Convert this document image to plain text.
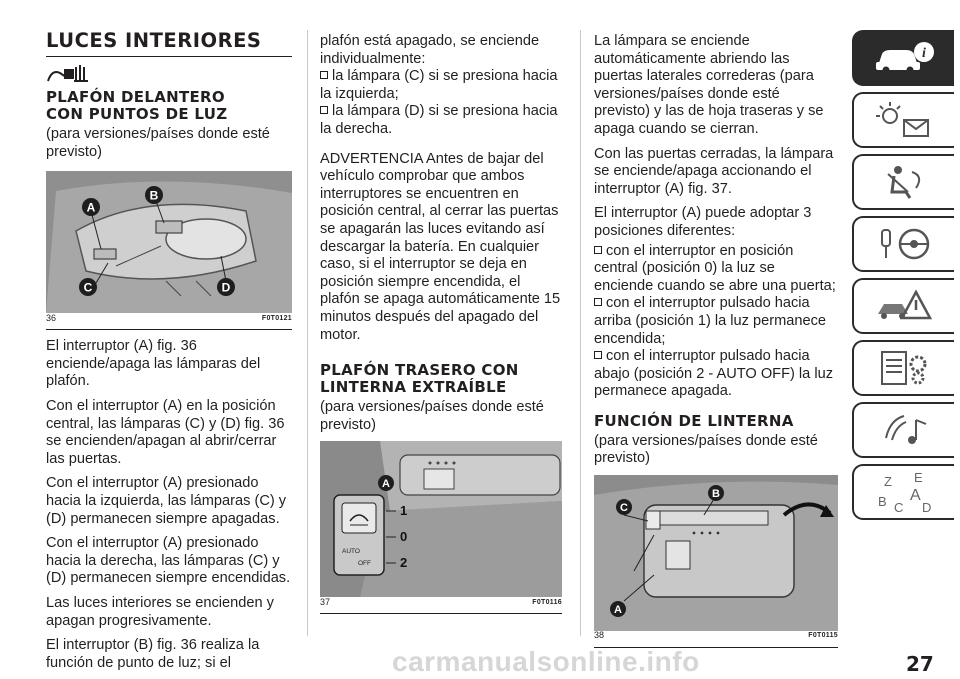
LUCES INTERIORES
PLAFÓN DELANTERO
CON PUNTOS DE LUZ

(para versiones/países donde esté previsto)

A
B
C	D
36	F0T0121

El interruptor (A) fig. 36 enciende/apaga las lámparas del plafón.

Con el interruptor (A) en la posición central, las lámparas (C) y (D) fig. 36 se encienden/apagan al abrir/cerrar las puertas.

Con el interruptor (A) presionado hacia la izquierda, las lámparas (C) y (D) permanecen siempre apagadas.

Con el interruptor (A) presionado hacia la derecha, las lámparas (C) y (D) permanecen siempre encendidas.

Las luces interiores se encienden y apagan progresivamente.

El interruptor (B) fig. 36 realiza la función de punto de luz; si el

plafón está apagado, se enciende individualmente:

la lámpara (C) si se presiona hacia la izquierda;
la lámpara (D) si se presiona hacia la derecha.

ADVERTENCIA Antes de bajar del vehículo comprobar que ambos interruptores se encuentren en posición central, al cerrar las puertas se apagarán las luces evitando así descargar la batería. En cualquier caso, si el interruptor se deja en posición siempre encendida, el plafón se apaga automáticamente 15 minutos después del apagado del motor.

PLAFÓN TRASERO CON
LINTERNA EXTRAÍBLE

(para versiones/países donde esté previsto)

AUTO
OFF
A
1
0
2
37	F0T0116

La lámpara se enciende automáticamente abriendo las puertas laterales correderas (para versiones/países donde esté previsto) y las de hoja traseras y se apaga cuando se cierran.

Con las puertas cerradas, la lámpara se enciende/apaga accionando el interruptor (A) fig. 37.

El interruptor (A) puede adoptar 3 posiciones diferentes:

con el interruptor en posición central (posición 0) la luz se enciende cuando se abre una puerta;
con el interruptor pulsado hacia arriba (posición 1) la luz permanece encendida;
con el interruptor pulsado hacia abajo (posición 2 - AUTO OFF) la luz permanece apagada.
FUNCIÓN DE LINTERNA

(para versiones/países donde esté previsto)

C
B
A
38	F0T0115
i
Z E
A
B C D
carmanualsonline.info	27
